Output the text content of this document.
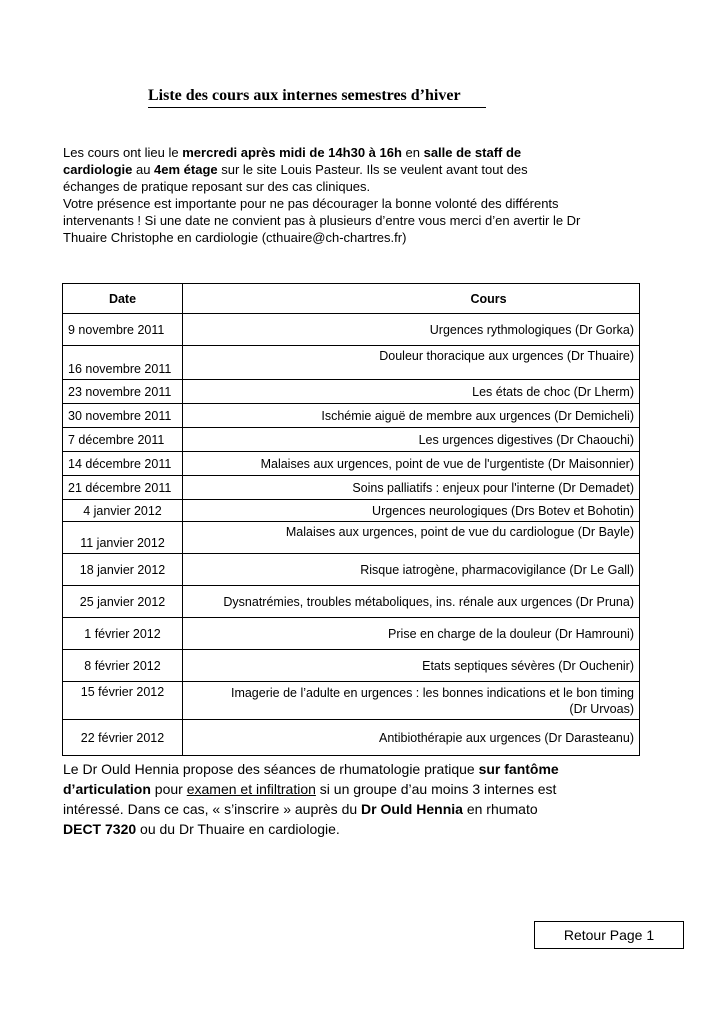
Liste des cours aux internes semestres d’hiver
Les cours ont lieu le mercredi après midi de 14h30 à 16h en salle de staff de
cardiologie au 4em étage sur le site Louis Pasteur. Ils se veulent avant tout des
échanges de pratique reposant sur des cas cliniques.
Votre présence est importante pour ne pas décourager la bonne volonté des différents
intervenants ! Si une date ne convient pas à plusieurs d’entre vous merci d’en avertir le Dr
Thuaire Christophe en cardiologie (cthuaire@ch-chartres.fr)
Date	Cours
9 novembre 2011	Urgences rythmologiques (Dr Gorka)
16 novembre 2011	Douleur thoracique aux urgences (Dr Thuaire)
23 novembre 2011	Les états de choc (Dr Lherm)
30 novembre 2011	Ischémie aiguë de membre aux urgences (Dr Demicheli)
7 décembre 2011	Les urgences digestives (Dr Chaouchi)
14 décembre 2011	Malaises aux urgences, point de vue de l'urgentiste (Dr Maisonnier)
21 décembre 2011	Soins palliatifs : enjeux pour l'interne (Dr Demadet)
4 janvier 2012	Urgences neurologiques (Drs Botev et Bohotin)
11 janvier 2012	Malaises aux urgences, point de vue du cardiologue (Dr Bayle)
18 janvier 2012	Risque iatrogène, pharmacovigilance (Dr Le Gall)
25 janvier 2012	Dysnatrémies, troubles métaboliques, ins. rénale aux urgences (Dr Pruna)
1 février 2012	Prise en charge de la douleur (Dr Hamrouni)
8 février 2012	Etats septiques sévères (Dr Ouchenir)
15 février 2012	Imagerie de l’adulte en urgences : les bonnes indications et le bon timing
(Dr Urvoas)

22 février 2012	Antibiothérapie aux urgences (Dr Darasteanu)
Le Dr Ould Hennia propose des séances de rhumatologie pratique sur fantôme
d’articulation pour examen et infiltration si un groupe d’au moins 3 internes est
intéressé. Dans ce cas, « s’inscrire » auprès du Dr Ould Hennia en rhumato
DECT 7320 ou du Dr Thuaire en cardiologie.
Retour Page 1
